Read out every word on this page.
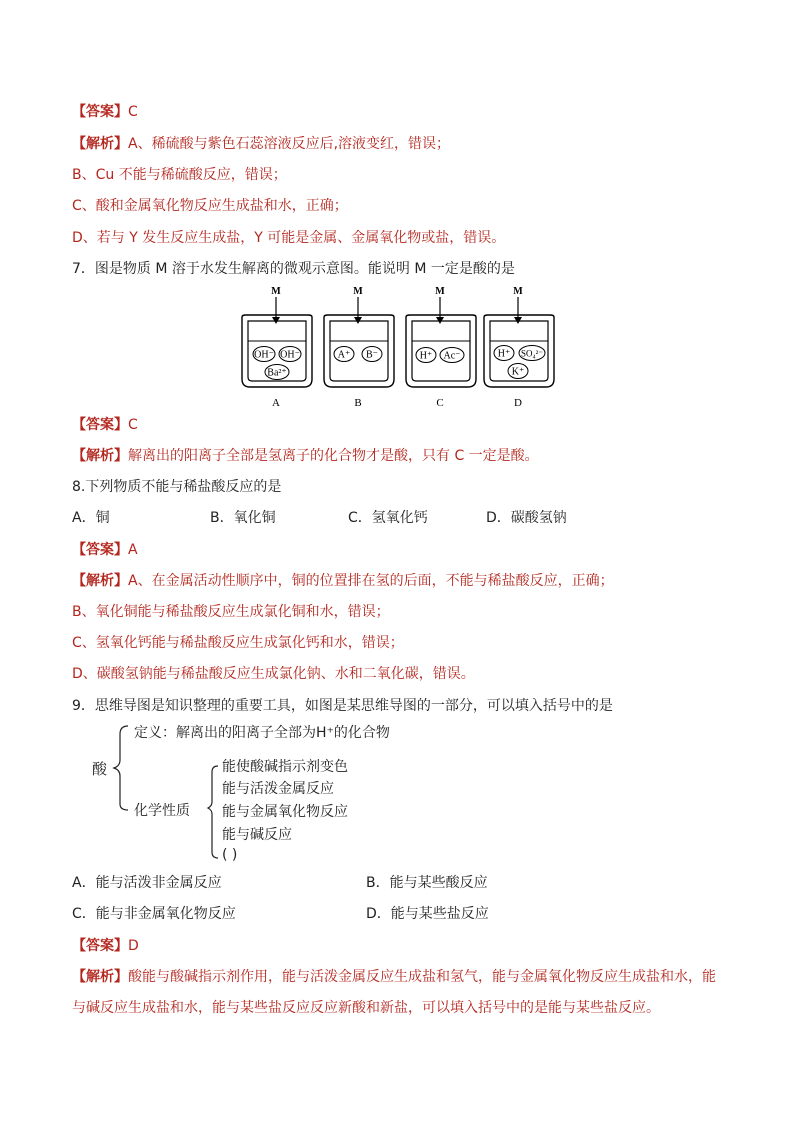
【答案】C
【解析】A、稀硫酸与紫色石蕊溶液反应后,溶液变红，错误；
B、Cu 不能与稀硫酸反应，错误；
C、酸和金属氧化物反应生成盐和水，正确；
D、若与 Y 发生反应生成盐，Y 可能是金属、金属氧化物或盐，错误。
7．图是物质 M 溶于水发生解离的微观示意图。能说明 M 一定是酸的是
M
OH⁻ OH⁻
Ba²⁺
A
M
A⁺ B⁻
B
M
H⁺ Ac⁻
C
M
H⁺ SO₄²⁻
K⁺
D
【答案】C
【解析】解离出的阳离子全部是氢离子的化合物才是酸，只有 C 一定是酸。
8.下列物质不能与稀盐酸反应的是
A．铜	B．氧化铜	C．氢氧化钙	D．碳酸氢钠
【答案】A
【解析】A、在金属活动性顺序中，铜的位置排在氢的后面，不能与稀盐酸反应，正确；
B、氧化铜能与稀盐酸反应生成氯化铜和水，错误；
C、氢氧化钙能与稀盐酸反应生成氯化钙和水，错误；
D、碳酸氢钠能与稀盐酸反应生成氯化钠、水和二氧化碳，错误。
9．思维导图是知识整理的重要工具，如图是某思维导图的一部分，可以填入括号中的是
酸
定义：解离出的阳离子全部为H⁺的化合物
化学性质
能使酸碱指示剂变色
能与活泼金属反应
能与金属氧化物反应
能与碱反应
( )
A．能与活泼非金属反应	B．能与某些酸反应
C．能与非金属氧化物反应	D．能与某些盐反应
【答案】D
【解析】酸能与酸碱指示剂作用，能与活泼金属反应生成盐和氢气，能与金属氧化物反应生成盐和水，能
与碱反应生成盐和水，能与某些盐反应反应新酸和新盐，可以填入括号中的是能与某些盐反应。
